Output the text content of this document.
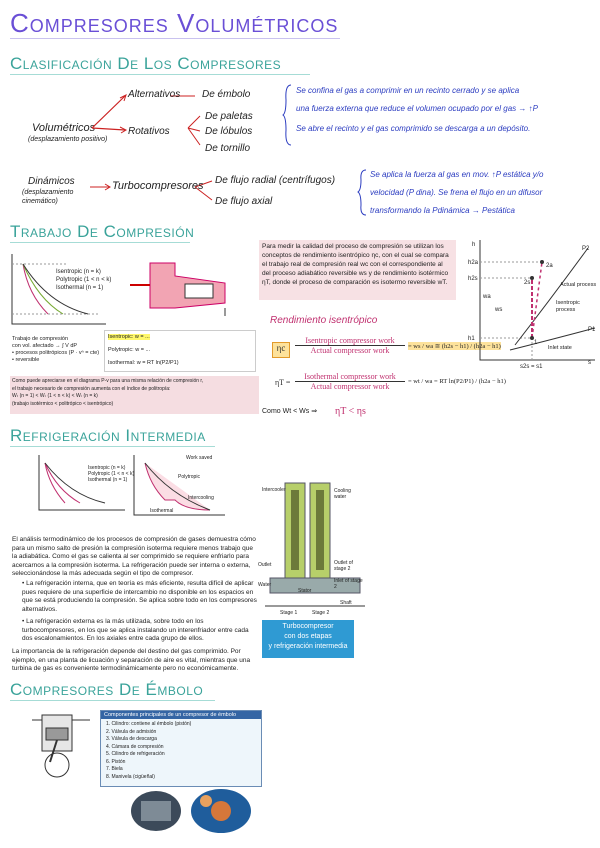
Compresores Volumétricos
Clasificación De Los Compresores
Volumétricos
(desplazamiento positivo)
Alternativos
Rotativos
De émbolo
De paletas
De lóbulos
De tornillo
Se confina el gas a comprimir en un recinto cerrado y se aplica
una fuerza externa que reduce el volumen ocupado por el gas → ↑P
Se abre el recinto y el gas comprimido se descarga a un depósito.
Dinámicos
(desplazamiento cinemático)
Turbocompresores De flujo radial (centrífugos)
De flujo axial
Se aplica la fuerza al gas en mov. ↑P estática y/o
velocidad (P dina). Se frena el flujo en un difusor
transformando la Pdinámica → Pestática
Trabajo De Compresión
Isentropic (n = k)
Polytropic (1 < n < k)
Isothermal (n = 1)
Trabajo de compresión
con vol. afectado → ∫ V dP
• procesos politrópicos (P · vⁿ = cte)
• reversible
Isentropic: w = ...
Polytropic: w = ...
Isothermal: w = RT ln(P2/P1)
Como puede apreciarse en el diagrama P-v para una misma relación de compresión r,
el trabajo necesario de compresión aumenta con el índice de politropía:
Wₜ (n = 1) < Wₜ (1 < n < k) < Wₜ (n = k)
(trabajo isotérmico < politrópico < isentrópico)
Para medir la calidad del proceso de compresión se utilizan los conceptos de rendimiento isentrópico ηc, con el cual se compara el trabajo real de compresión real wc con el correspondiente al del proceso adiabático reversible ws y de rendimiento isotérmico ηT, donde el proceso de comparación es isotermo reversible wT.
Rendimiento isentrópico
ηc
Isentropic compressor work
Actual compressor work	= ws / wa ≅ (h2s − h1) / (h2a − h1)
ηT =
Isothermal compressor work
Actual compressor work
= wt / wa = RT ln(P2/P1) / (h2a − h1)
Como Wt < Ws ⇒ ηT < ηs
h2a
h2s
h1
2a
2s
1
Actual process
Isentropic process
Inlet state
P2
P1
ws
wa
s2s = s1
h
s
Refrigeración Intermedia
Isentropic (n = k)
Polytropic (1 < n < k)
Isothermal (n = 1)
Work saved
Polytropic
Intercooling
Isothermal
El análisis termodinámico de los procesos de compresión de gases demuestra cómo para un mismo salto de presión la compresión isoterma requiere menos trabajo que la adiabática. Como el gas se calienta al ser comprimido se requiere enfriarlo para acercarnos a la compresión isoterma. La refrigeración puede ser interna o externa, seleccionándose la más adecuada según el tipo de compresor.
• La refrigeración interna, que en teoría es más eficiente, resulta difícil de aplicar pues requiere de una superficie de intercambio no disponible en los espacios en que se está produciendo la compresión. Se aplica sobre todo en los compresores alternativos.
• La refrigeración externa es la más utilizada, sobre todo en los turbocompresores, en los que se aplica instalando un interenfriador entre cada dos escalonamientos. En los axiales entre cada grupo de ellos.
La importancia de la refrigeración depende del destino del gas comprimido. Por ejemplo, en una planta de licuación y separación de aire es vital, mientras que una turbina de gas es conveniente termodinámicamente pero no económicamente.
Intercooler	Cooling water
Outlet of stage 2
Inlet of stage 2
Water
Outlet
Stator
Shaft
Stage 1	Stage 2
Turbocompresor
con dos etapas
y refrigeración intermedia
Compresores De Émbolo
Componentes principales de un compresor de émbolo
1. Cilindro: contiene al émbolo (pistón)
2. Válvula de admisión
3. Válvula de descarga
4. Cámara de compresión
5. Cilindro de refrigeración
6. Pistón
7. Biela
8. Manivela (cigüeñal)
